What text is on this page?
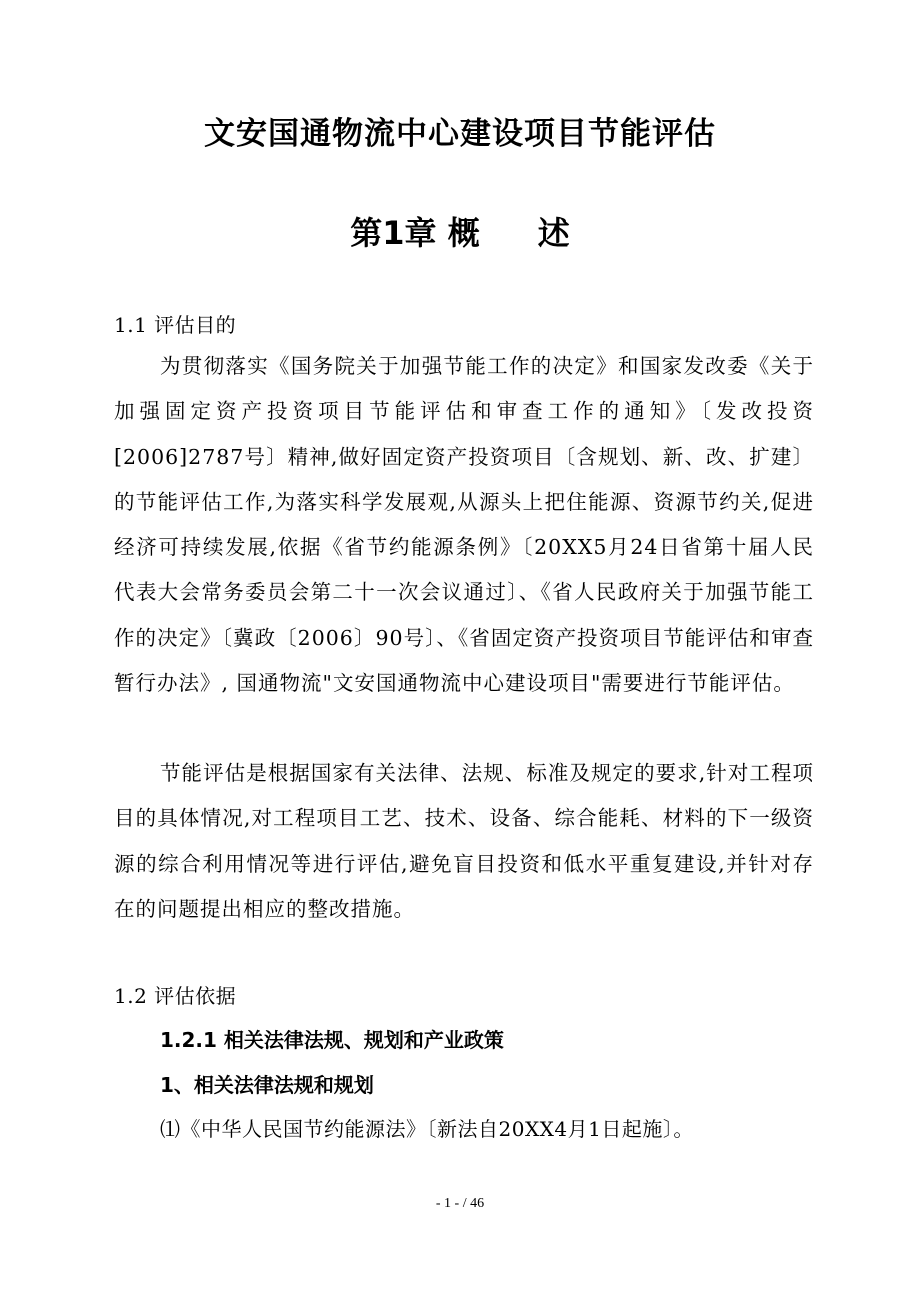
文安国通物流中心建设项目节能评估
第1章 概 述
1.1 评估目的
为贯彻落实《国务院关于加强节能工作的决定》和国家发改委《关于加强固定资产投资项目节能评估和审查工作的通知》〔发改投资[2006]2787号〕精神,做好固定资产投资项目〔含规划、新、改、扩建〕的节能评估工作,为落实科学发展观,从源头上把住能源、资源节约关,促进经济可持续发展,依据《省节约能源条例》〔20XX5月24日省第十届人民代表大会常务委员会第二十一次会议通过〕、《省人民政府关于加强节能工作的决定》〔冀政〔2006〕90号〕、《省固定资产投资项目节能评估和审查暂行办法》, 国通物流"文安国通物流中心建设项目"需要进行节能评估。
节能评估是根据国家有关法律、法规、标准及规定的要求,针对工程项目的具体情况,对工程项目工艺、技术、设备、综合能耗、材料的下一级资源的综合利用情况等进行评估,避免盲目投资和低水平重复建设,并针对存在的问题提出相应的整改措施。
1.2 评估依据
1.2.1 相关法律法规、规划和产业政策
1、相关法律法规和规划
⑴《中华人民国节约能源法》〔新法自20XX4月1日起施〕。
- 1 - / 46
